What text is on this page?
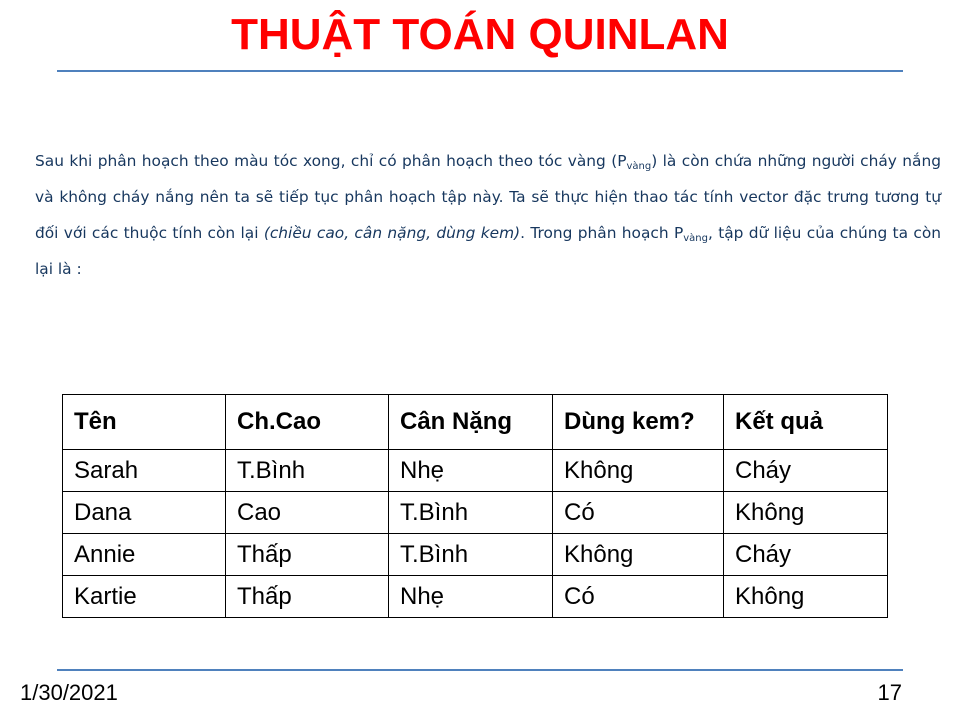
THUẬT TOÁN QUINLAN

Sau khi phân hoạch theo màu tóc xong, chỉ có phân hoạch theo tóc vàng $(P_{vàng})$ là còn chứa những người cháy nắng và không cháy nắng nên ta sẽ tiếp tục phân hoạch tập này. Ta sẽ thực hiện thao tác tính vector đặc trưng tương tự đối với các thuộc tính còn lại (chiều cao, cân nặng, dùng kem). Trong phân hoạch $P_{vàng}$, tập dữ liệu của chúng ta còn lại là :

Tên	Ch.Cao	Cân Nặng	Dùng kem?	Kết quả
Sarah	T.Bình	Nhẹ	Không	Cháy
Dana	Cao	T.Bình	Có	Không
Annie	Thấp	T.Bình	Không	Cháy
Kartie	Thấp	Nhẹ	Có	Không
1/30/2021	17
